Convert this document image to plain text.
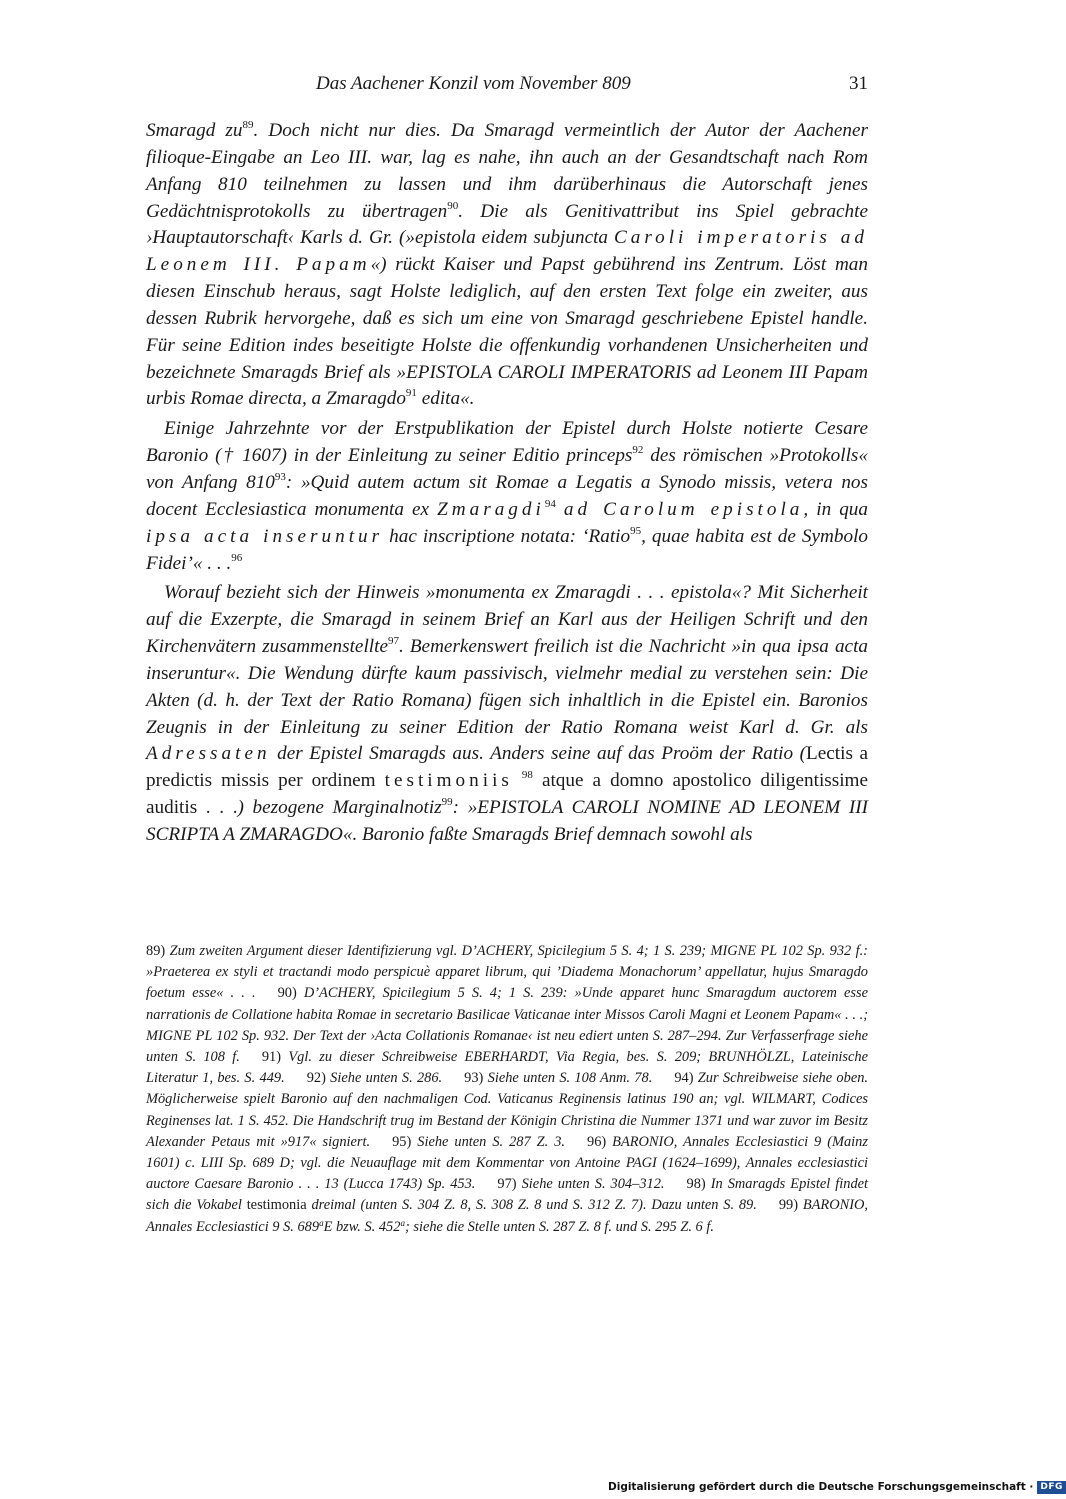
Das Aachener Konzil vom November 809	31

Smaragd $zu^{89}$. Doch nicht nur dies. Da Smaragd vermeintlich der Autor der Aachener filioque-Eingabe an Leo III. war, lag es nahe, ihn auch an der Gesandtschaft nach Rom Anfang 810 teilnehmen zu lassen und ihm darüberhinaus die Autorschaft jenes Gedächtnisprotokolls zu übertragen$^{90}$. Die als Genitivattribut ins Spiel gebrachte ›Hauptautorschaft‹ Karls d. Gr. (»epistola eidem subjuncta Caroli imperatoris ad Leonem III. Papam«) rückt Kaiser und Papst gebührend ins Zentrum. Löst man diesen Einschub heraus, sagt Holste lediglich, auf den ersten Text folge ein zweiter, aus dessen Rubrik hervorgehe, daß es sich um eine von Smaragd geschriebene Epistel handle. Für seine Edition indes beseitigte Holste die offenkundig vorhandenen Unsicherheiten und bezeichnete Smaragds Brief als »EPISTOLA CAROLI IMPERATORIS ad Leonem III Papam urbis Romae directa, a Zmaragdo$^{91}$ edita«.

Einige Jahrzehnte vor der Erstpublikation der Epistel durch Holste notierte Cesare Baronio († 1607) in der Einleitung zu seiner Editio princeps$^{92}$ des römischen »Protokolls« von Anfang $810^{93}$: »Quid autem actum sit Romae a Legatis a Synodo missis, vetera nos docent Ecclesiastica monumenta ex Zmaragdi$^{94}$ ad Carolum epistola, in qua ipsa acta inseruntur hac inscriptione notata: ‘Ratio$^{95}$, quae habita est de Symbolo Fidei’« . . .$^{96}$

Worauf bezieht sich der Hinweis »monumenta ex Zmaragdi . . . epistola«? Mit Sicherheit auf die Exzerpte, die Smaragd in seinem Brief an Karl aus der Heiligen Schrift und den Kirchenvätern zusammenstellte$^{97}$. Bemerkenswert freilich ist die Nachricht »in qua ipsa acta inseruntur«. Die Wendung dürfte kaum passivisch, vielmehr medial zu verstehen sein: Die Akten (d. h. der Text der Ratio Romana) fügen sich inhaltlich in die Epistel ein. Baronios Zeugnis in der Einleitung zu seiner Edition der Ratio Romana weist Karl d. Gr. als Adressaten der Epistel Smaragds aus. Anders seine auf das Proöm der Ratio (Lectis a predictis missis per ordinem testimoniis $^{98}$ atque a domno apostolico diligentissime auditis . . .) bezogene Marginalnotiz$^{99}$: »EPISTOLA CAROLI NOMINE AD LEONEM III SCRIPTA A ZMARAGDO«. Baronio faßte Smaragds Brief demnach sowohl als

89) Zum zweiten Argument dieser Identifizierung vgl. D’ACHERY, Spicilegium 5 S. 4; 1 S. 239; MIGNE PL 102 Sp. 932 f.: »Praeterea ex styli et tractandi modo perspicuè apparet librum, qui ’Diadema Monachorum’ appellatur, hujus Smaragdo foetum esse« . . . 90) D’ACHERY, Spicilegium 5 S. 4; 1 S. 239: »Unde apparet hunc Smaragdum auctorem esse narrationis de Collatione habita Romae in secretario Basilicae Vaticanae inter Missos Caroli Magni et Leonem Papam« . . .; MIGNE PL 102 Sp. 932. Der Text der ›Acta Collationis Romanae‹ ist neu ediert unten S. 287–294. Zur Verfasserfrage siehe unten S. 108 f. 91) Vgl. zu dieser Schreibweise EBERHARDT, Via Regia, bes. S. 209; BRUNHÖLZL, Lateinische Literatur 1, bes. S. 449. 92) Siehe unten S. 286. 93) Siehe unten S. 108 Anm. 78. 94) Zur Schreibweise siehe oben. Möglicherweise spielt Baronio auf den nachmaligen Cod. Vaticanus Reginensis latinus 190 an; vgl. WILMART, Codices Reginenses lat. 1 S. 452. Die Handschrift trug im Bestand der Königin Christina die Nummer 1371 und war zuvor im Besitz Alexander Petaus mit »917« signiert. 95) Siehe unten S. 287 Z. 3. 96) BARONIO, Annales Ecclesiastici 9 (Mainz 1601) c. LIII Sp. 689 D; vgl. die Neuauflage mit dem Kommentar von Antoine PAGI (1624–1699), Annales ecclesiastici auctore Caesare Baronio . . . 13 (Lucca 1743) Sp. 453. 97) Siehe unten S. 304–312. 98) In Smaragds Epistel findet sich die Vokabel testimonia dreimal (unten S. 304 Z. 8, S. 308 Z. 8 und S. 312 Z. 7). Dazu unten S. 89. 99) BARONIO, Annales Ecclesiastici 9 S. 689$^a$E bzw. S. 452$^a$; siehe die Stelle unten S. 287 Z. 8 f. und S. 295 Z. 6 f.

Digitalisierung gefördert durch die Deutsche Forschungsgemeinschaft · DFG
